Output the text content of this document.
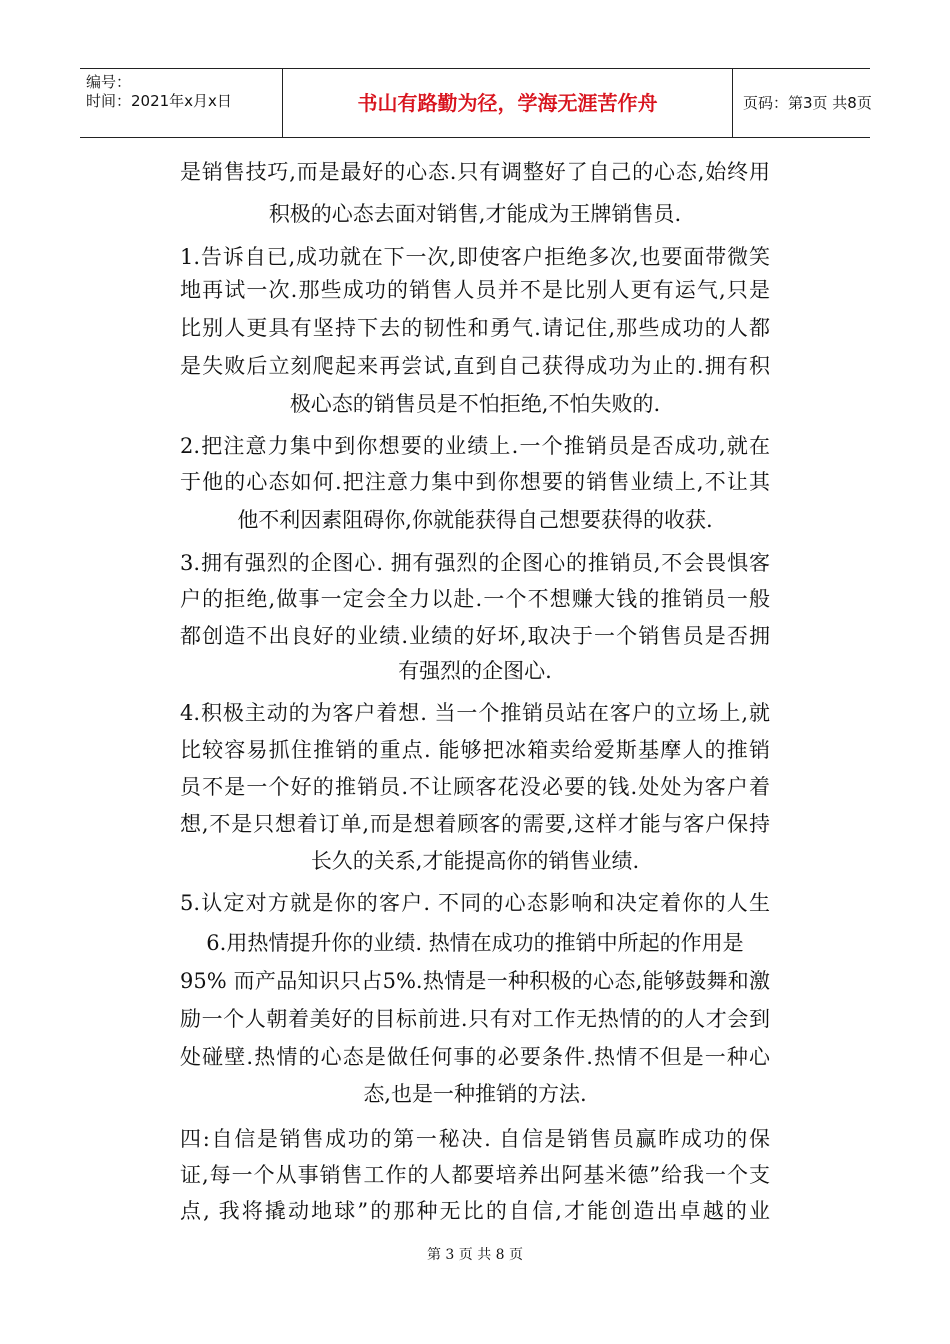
编号：
时间：2021年x月x日	书山有路勤为径，学海无涯苦作舟	页码：第3页 共8页
是销售技巧,而是最好的心态.只有调整好了自己的心态,始终用
积极的心态去面对销售,才能成为王牌销售员.
1.告诉自已,成功就在下一次,即使客户拒绝多次,也要面带微笑
地再试一次.那些成功的销售人员并不是比别人更有运气,只是
比别人更具有坚持下去的韧性和勇气.请记住,那些成功的人都
是失败后立刻爬起来再尝试,直到自己获得成功为止的.拥有积
极心态的销售员是不怕拒绝,不怕失败的.
2.把注意力集中到你想要的业绩上.一个推销员是否成功,就在
于他的心态如何.把注意力集中到你想要的销售业绩上,不让其
他不利因素阻碍你,你就能获得自己想要获得的收获.
3.拥有强烈的企图心. 拥有强烈的企图心的推销员,不会畏惧客
户的拒绝,做事一定会全力以赴.一个不想赚大钱的推销员一般
都创造不出良好的业绩.业绩的好坏,取决于一个销售员是否拥
有强烈的企图心.
4.积极主动的为客户着想. 当一个推销员站在客户的立场上,就
比较容易抓住推销的重点. 能够把冰箱卖给爱斯基摩人的推销
员不是一个好的推销员.不让顾客花没必要的钱.处处为客户着
想,不是只想着订单,而是想着顾客的需要,这样才能与客户保持
长久的关系,才能提高你的销售业绩.
5.认定对方就是你的客户. 不同的心态影响和决定着你的人生
6.用热情提升你的业绩. 热情在成功的推销中所起的作用是
95% 而产品知识只占5%.热情是一种积极的心态,能够鼓舞和激
励一个人朝着美好的目标前进.只有对工作无热情的的人才会到
处碰壁.热情的心态是做任何事的必要条件.热情不但是一种心
态,也是一种推销的方法.
四:自信是销售成功的第一秘决. 自信是销售员赢昨成功的保
证,每一个从事销售工作的人都要培养出阿基米德”给我一个支
点, 我将撬动地球”的那种无比的自信,才能创造出卓越的业
第 3 页 共 8 页
